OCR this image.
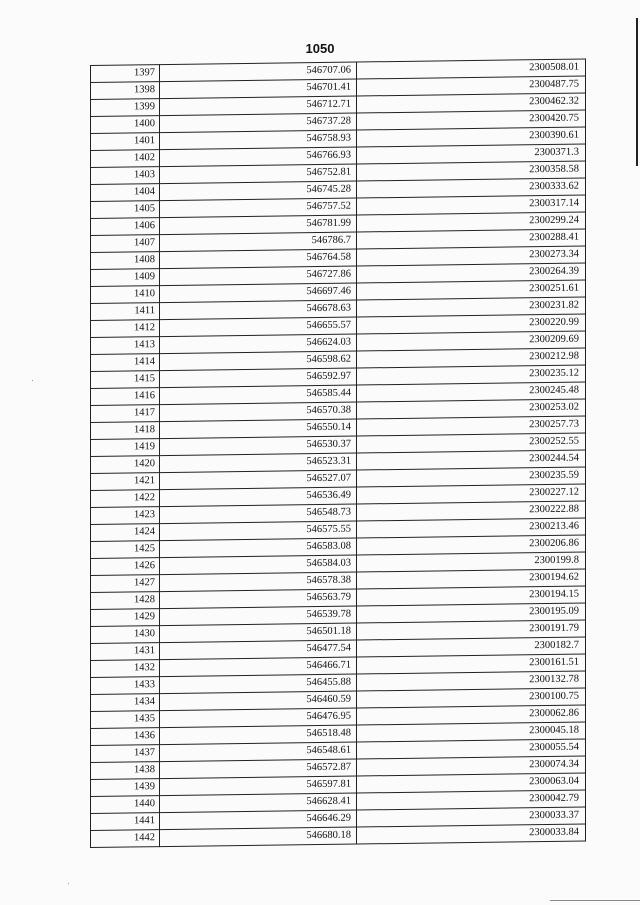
1050
1397	546707.06	2300508.01
1398	546701.41	2300487.75
1399	546712.71	2300462.32
1400	546737.28	2300420.75
1401	546758.93	2300390.61
1402	546766.93	2300371.3
1403	546752.81	2300358.58
1404	546745.28	2300333.62
1405	546757.52	2300317.14
1406	546781.99	2300299.24
1407	546786.7	2300288.41
1408	546764.58	2300273.34
1409	546727.86	2300264.39
1410	546697.46	2300251.61
1411	546678.63	2300231.82
1412	546655.57	2300220.99
1413	546624.03	2300209.69
1414	546598.62	2300212.98
1415	546592.97	2300235.12
1416	546585.44	2300245.48
1417	546570.38	2300253.02
1418	546550.14	2300257.73
1419	546530.37	2300252.55
1420	546523.31	2300244.54
1421	546527.07	2300235.59
1422	546536.49	2300227.12
1423	546548.73	2300222.88
1424	546575.55	2300213.46
1425	546583.08	2300206.86
1426	546584.03	2300199.8
1427	546578.38	2300194.62
1428	546563.79	2300194.15
1429	546539.78	2300195.09
1430	546501.18	2300191.79
1431	546477.54	2300182.7
1432	546466.71	2300161.51
1433	546455.88	2300132.78
1434	546460.59	2300100.75
1435	546476.95	2300062.86
1436	546518.48	2300045.18
1437	546548.61	2300055.54
1438	546572.87	2300074.34
1439	546597.81	2300063.04
1440	546628.41	2300042.79
1441	546646.29	2300033.37
1442	546680.18	2300033.84
